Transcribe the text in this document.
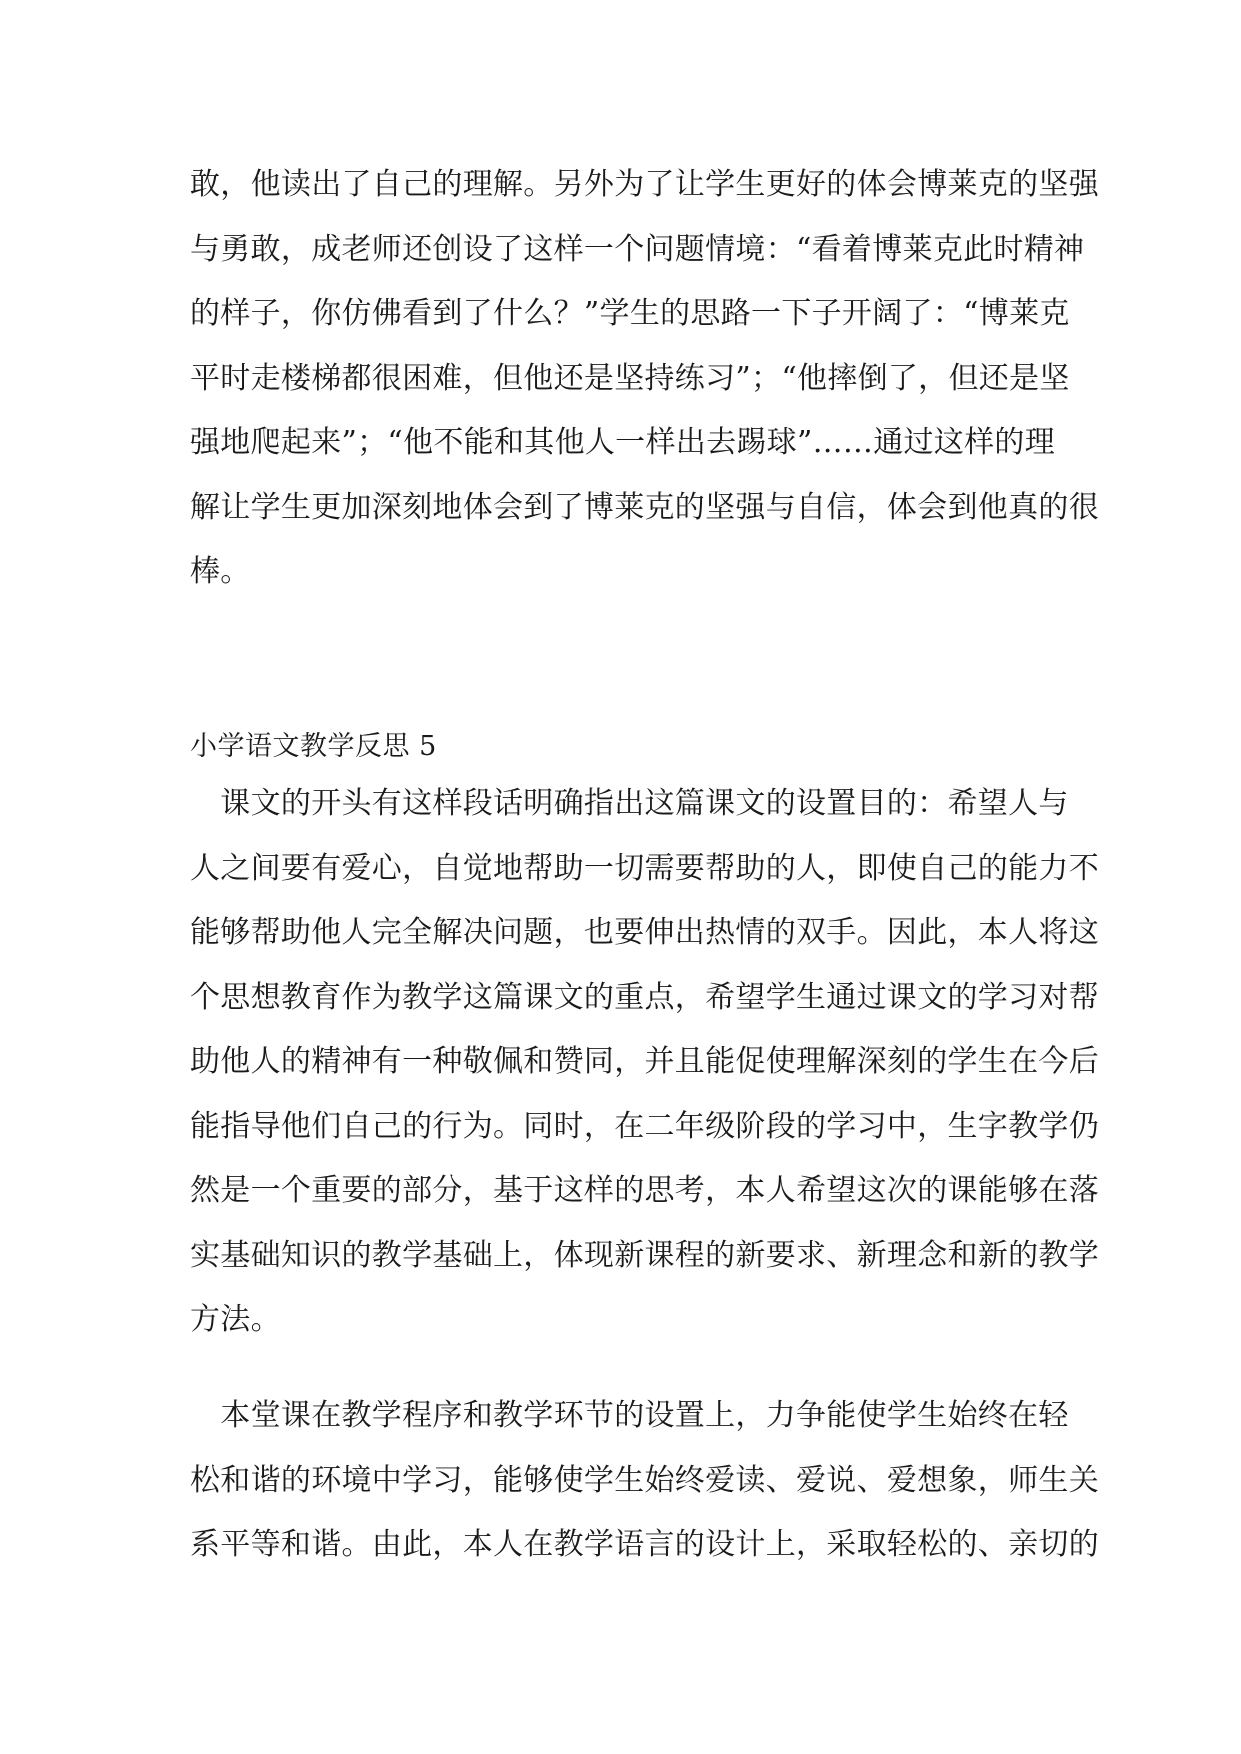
敢，他读出了自己的理解。另外为了让学生更好的体会博莱克的坚强
与勇敢，成老师还创设了这样一个问题情境：“看着博莱克此时精神
的样子，你仿佛看到了什么？”学生的思路一下子开阔了：“博莱克
平时走楼梯都很困难，但他还是坚持练习”；“他摔倒了，但还是坚
强地爬起来”；“他不能和其他人一样出去踢球”……通过这样的理
解让学生更加深刻地体会到了博莱克的坚强与自信，体会到他真的很
棒。
小学语文教学反思 5
　课文的开头有这样段话明确指出这篇课文的设置目的：希望人与
人之间要有爱心，自觉地帮助一切需要帮助的人，即使自己的能力不
能够帮助他人完全解决问题，也要伸出热情的双手。因此，本人将这
个思想教育作为教学这篇课文的重点，希望学生通过课文的学习对帮
助他人的精神有一种敬佩和赞同，并且能促使理解深刻的学生在今后
能指导他们自己的行为。同时，在二年级阶段的学习中，生字教学仍
然是一个重要的部分，基于这样的思考，本人希望这次的课能够在落
实基础知识的教学基础上，体现新课程的新要求、新理念和新的教学
方法。
　本堂课在教学程序和教学环节的设置上，力争能使学生始终在轻
松和谐的环境中学习，能够使学生始终爱读、爱说、爱想象，师生关
系平等和谐。由此，本人在教学语言的设计上，采取轻松的、亲切的
